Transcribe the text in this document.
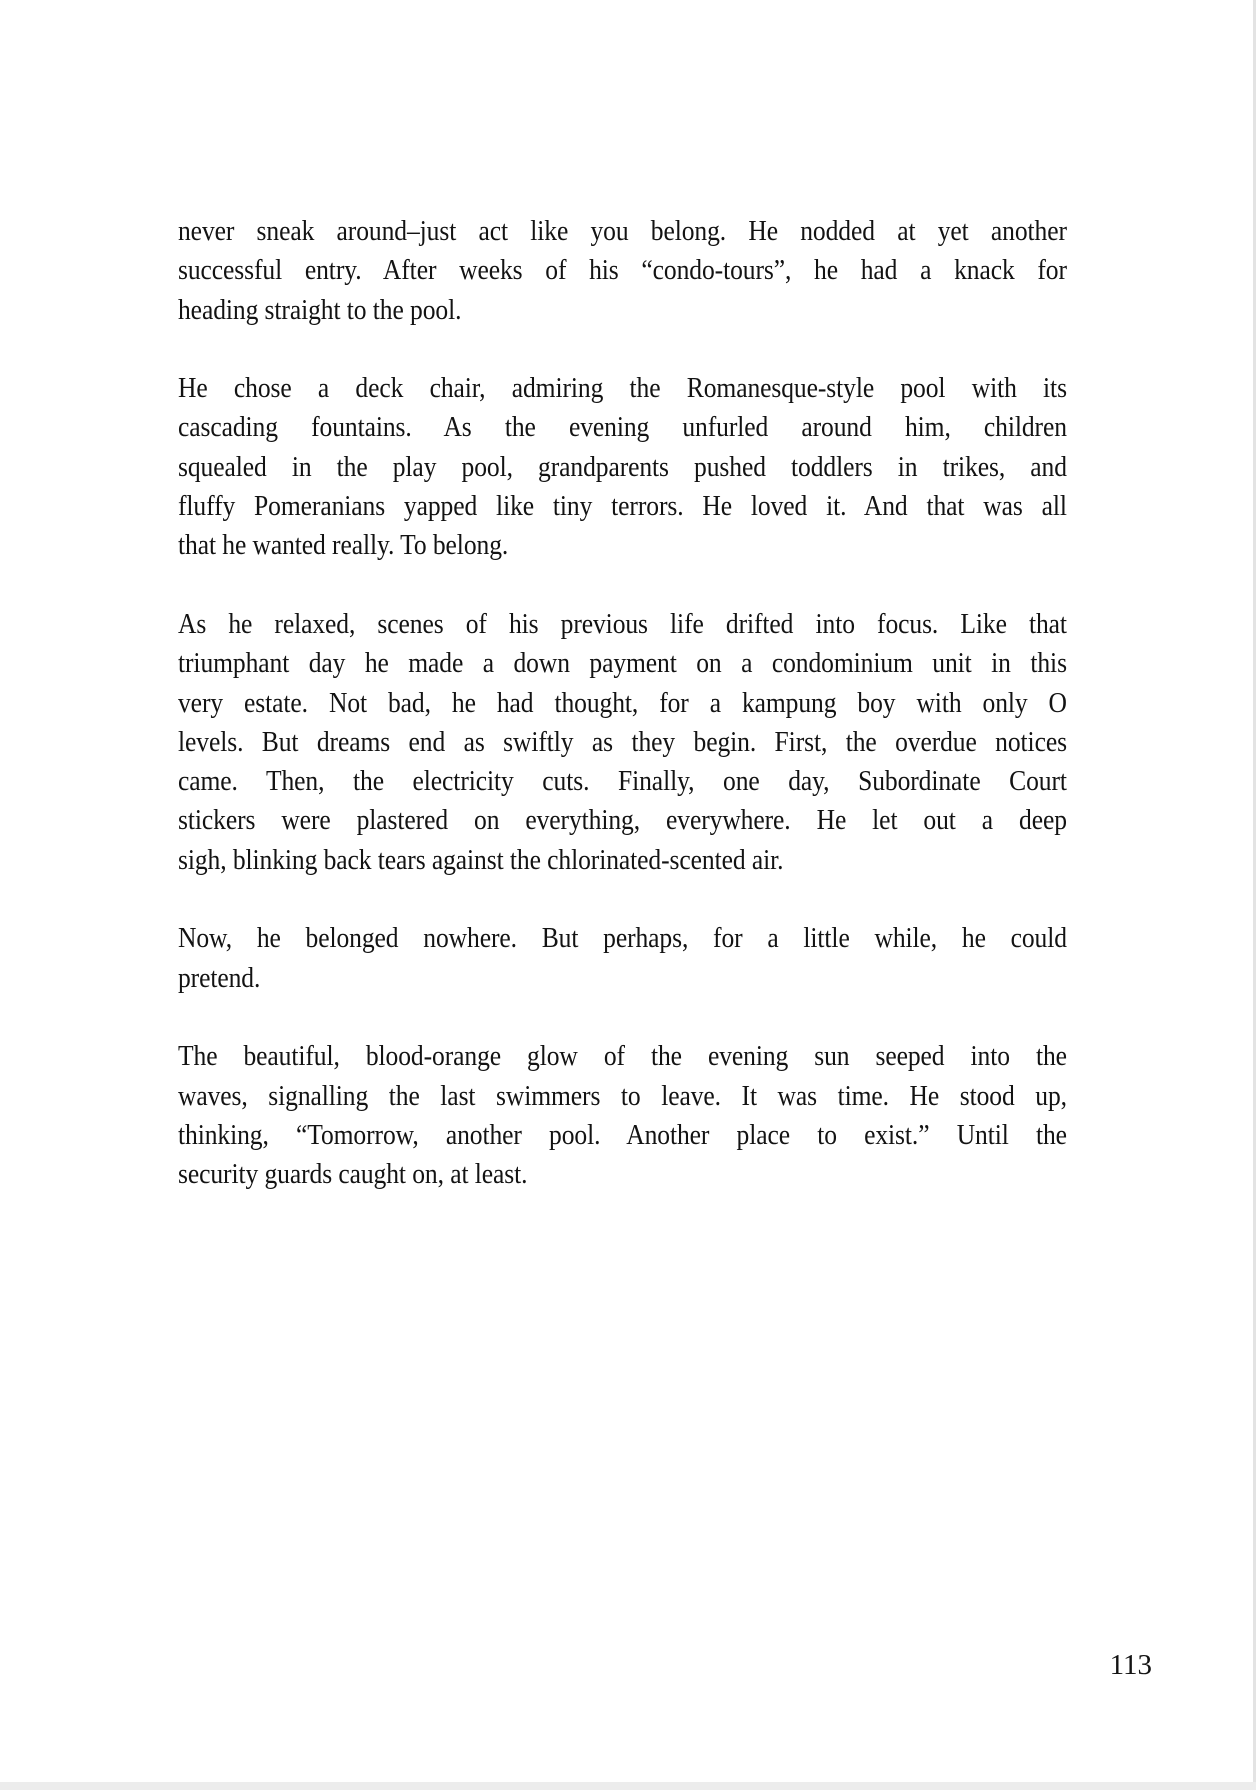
never sneak around–just act like you belong. He nodded at yet another
successful entry. After weeks of his “condo-tours”, he had a knack for
heading straight to the pool.

He chose a deck chair, admiring the Romanesque-style pool with its
cascading fountains. As the evening unfurled around him, children
squealed in the play pool, grandparents pushed toddlers in trikes, and
fluffy Pomeranians yapped like tiny terrors. He loved it. And that was all
that he wanted really. To belong.

As he relaxed, scenes of his previous life drifted into focus. Like that
triumphant day he made a down payment on a condominium unit in this
very estate. Not bad, he had thought, for a kampung boy with only O
levels. But dreams end as swiftly as they begin. First, the overdue notices
came. Then, the electricity cuts. Finally, one day, Subordinate Court
stickers were plastered on everything, everywhere. He let out a deep
sigh, blinking back tears against the chlorinated-scented air.

Now, he belonged nowhere. But perhaps, for a little while, he could
pretend.

The beautiful, blood-orange glow of the evening sun seeped into the
waves, signalling the last swimmers to leave. It was time. He stood up,
thinking, “Tomorrow, another pool. Another place to exist.” Until the
security guards caught on, at least.

113
